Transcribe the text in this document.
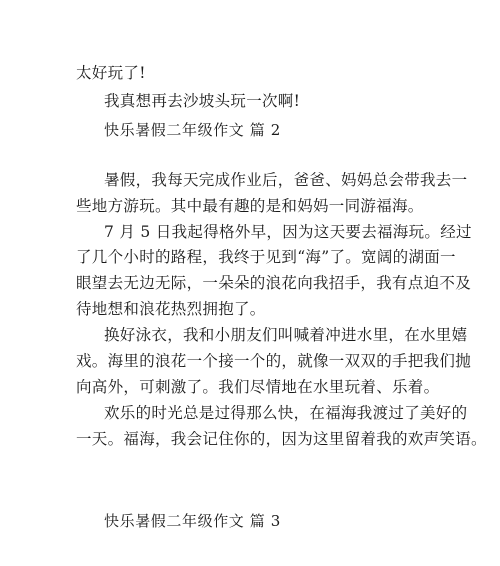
太好玩了!
我真想再去沙坡头玩一次啊!
快乐暑假二年级作文 篇 2
暑假，我每天完成作业后，爸爸、妈妈总会带我去一
些地方游玩。其中最有趣的是和妈妈一同游福海。
7 月 5 日我起得格外早，因为这天要去福海玩。经过
了几个小时的路程，我终于见到“海”了。宽阔的湖面一
眼望去无边无际，一朵朵的浪花向我招手，我有点迫不及
待地想和浪花热烈拥抱了。
换好泳衣，我和小朋友们叫喊着冲进水里，在水里嬉
戏。海里的浪花一个接一个的，就像一双双的手把我们抛
向高外，可刺激了。我们尽情地在水里玩着、乐着。
欢乐的时光总是过得那么快，在福海我渡过了美好的
一天。福海，我会记住你的，因为这里留着我的欢声笑语。
快乐暑假二年级作文 篇 3
